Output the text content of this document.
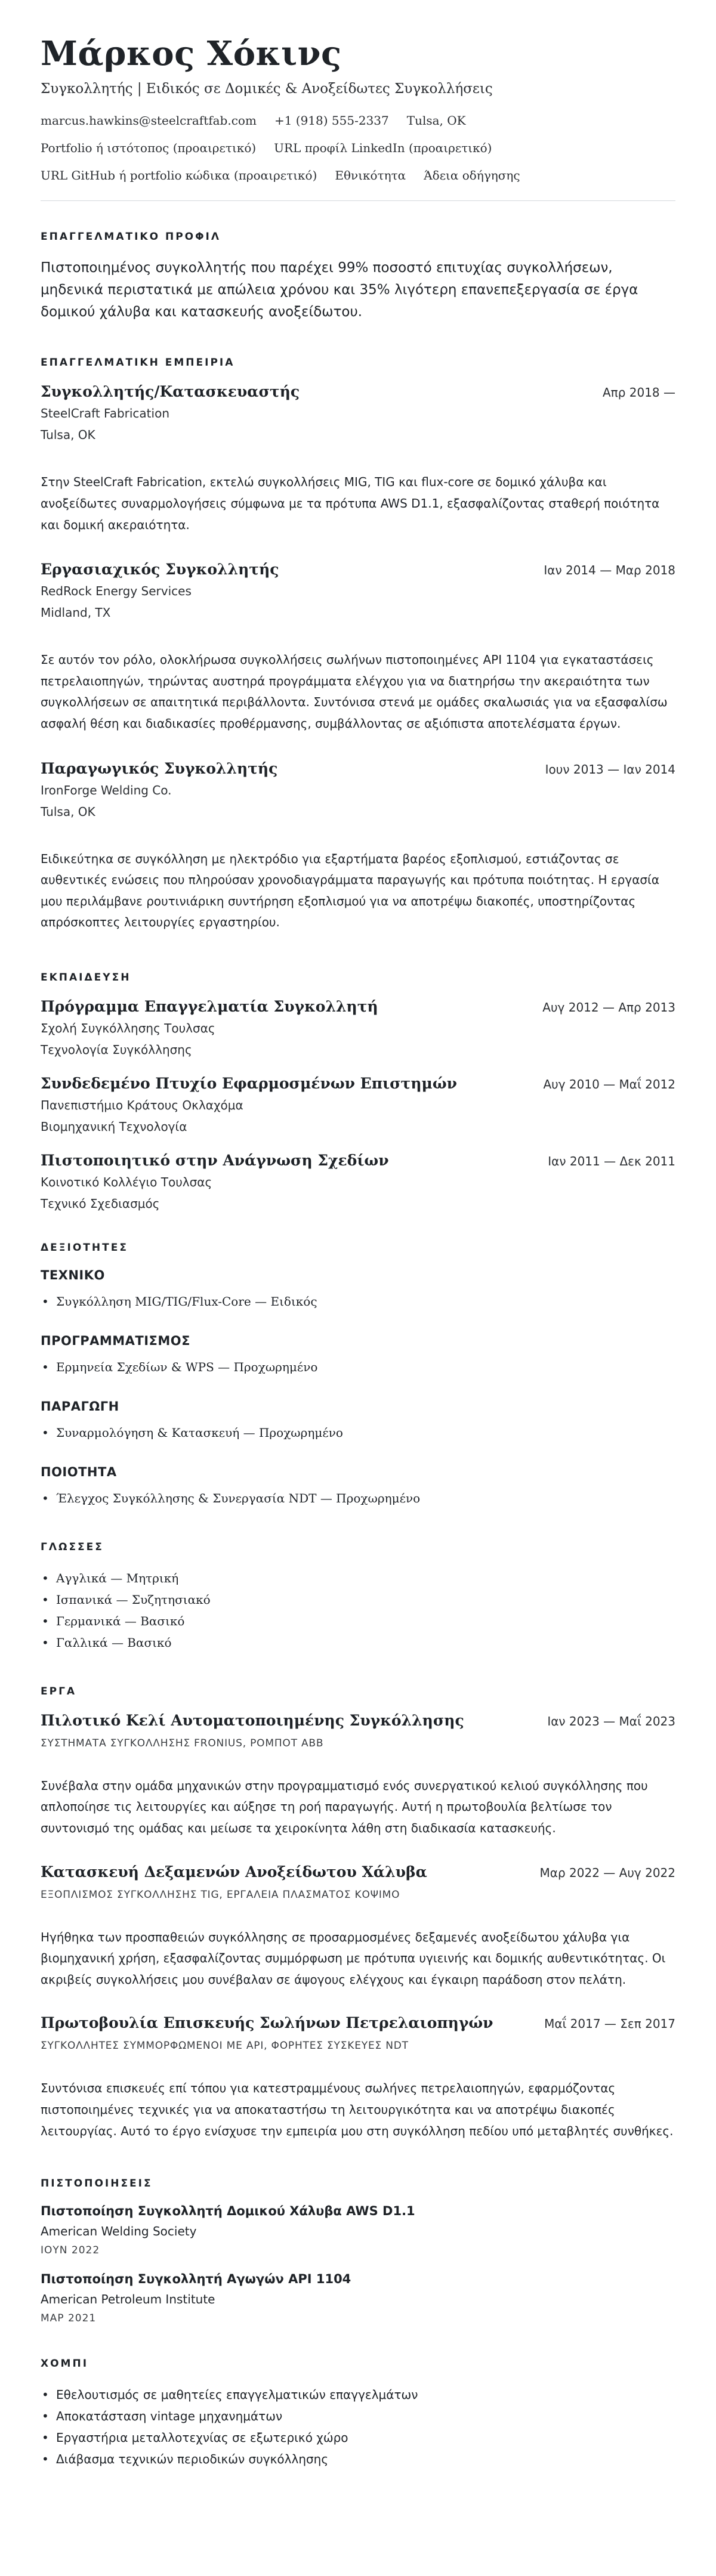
Μάρκος Χόκινς
Συγκολλητής | Ειδικός σε Δομικές & Ανοξείδωτες Συγκολλήσεις
marcus.hawkins@steelcraftfab.com +1 (918) 555-2337 Tulsa, OK
Portfolio ή ιστότοπος (προαιρετικό) URL προφίλ LinkedIn (προαιρετικό)
URL GitHub ή portfolio κώδικα (προαιρετικό) Εθνικότητα Άδεια οδήγησης
ΕΠΑΓΓΕΛΜΑΤΙΚΟ ΠΡΟΦΙΛ

Πιστοποιημένος συγκολλητής που παρέχει 99% ποσοστό επιτυχίας συγκολλήσεων, μηδενικά περιστατικά με απώλεια χρόνου και 35% λιγότερη επανεπεξεργασία σε έργα δομικού χάλυβα και κατασκευής ανοξείδωτου.

ΕΠΑΓΓΕΛΜΑΤΙΚΗ ΕΜΠΕΙΡΙΑ
Συγκολλητής/Κατασκευαστής	Απρ 2018 —
SteelCraft Fabrication
Tulsa, OK

Στην SteelCraft Fabrication, εκτελώ συγκολλήσεις MIG, TIG και flux-core σε δομικό χάλυβα και ανοξείδωτες συναρμολογήσεις σύμφωνα με τα πρότυπα AWS D1.1, εξασφαλίζοντας σταθερή ποιότητα και δομική ακεραιότητα.

Εργασιαχικός Συγκολλητής	Ιαν 2014 — Μαρ 2018
RedRock Energy Services
Midland, TX

Σε αυτόν τον ρόλο, ολοκλήρωσα συγκολλήσεις σωλήνων πιστοποιημένες API 1104 για εγκαταστάσεις πετρελαιοπηγών, τηρώντας αυστηρά προγράμματα ελέγχου για να διατηρήσω την ακεραιότητα των συγκολλήσεων σε απαιτητικά περιβάλλοντα. Συντόνισα στενά με ομάδες σκαλωσιάς για να εξασφαλίσω ασφαλή θέση και διαδικασίες προθέρμανσης, συμβάλλοντας σε αξιόπιστα αποτελέσματα έργων.

Παραγωγικός Συγκολλητής	Ιουν 2013 — Ιαν 2014
IronForge Welding Co.
Tulsa, OK

Ειδικεύτηκα σε συγκόλληση με ηλεκτρόδιο για εξαρτήματα βαρέος εξοπλισμού, εστιάζοντας σε αυθεντικές ενώσεις που πληρούσαν χρονοδιαγράμματα παραγωγής και πρότυπα ποιότητας. Η εργασία μου περιλάμβανε ρουτινιάρικη συντήρηση εξοπλισμού για να αποτρέψω διακοπές, υποστηρίζοντας απρόσκοπτες λειτουργίες εργαστηρίου.

ΕΚΠΑΙΔΕΥΣΗ
Πρόγραμμα Επαγγελματία Συγκολλητή	Αυγ 2012 — Απρ 2013
Σχολή Συγκόλλησης Τουλσας
Τεχνολογία Συγκόλλησης
Συνδεδεμένο Πτυχίο Εφαρμοσμένων Επιστημών	Αυγ 2010 — Μαΐ 2012
Πανεπιστήμιο Κράτους Οκλαχόμα
Βιομηχανική Τεχνολογία
Πιστοποιητικό στην Ανάγνωση Σχεδίων	Ιαν 2011 — Δεκ 2011
Κοινοτικό Κολλέγιο Τουλσας
Τεχνικό Σχεδιασμός
ΔΕΞΙΟΤΗΤΕΣ
ΤΕΧΝΙΚΟ
• Συγκόλληση MIG/TIG/Flux-Core — Ειδικός
ΠΡΟΓΡΑΜΜΑΤΙΣΜΟΣ
• Ερμηνεία Σχεδίων & WPS — Προχωρημένο
ΠΑΡΑΓΩΓΗ
• Συναρμολόγηση & Κατασκευή — Προχωρημένο
ΠΟΙΟΤΗΤΑ
• Έλεγχος Συγκόλλησης & Συνεργασία NDT — Προχωρημένο
ΓΛΩΣΣΕΣ
• Αγγλικά — Μητρική
• Ισπανικά — Συζητησιακό
• Γερμανικά — Βασικό
• Γαλλικά — Βασικό
ΕΡΓΑ
Πιλοτικό Κελί Αυτοματοποιημένης Συγκόλλησης	Ιαν 2023 — Μαΐ 2023
ΣΥΣΤΗΜΑΤΑ ΣΥΓΚΟΛΛΗΣΗΣ FRONIUS, ΡΟΜΠΟΤ ABB

Συνέβαλα στην ομάδα μηχανικών στην προγραμματισμό ενός συνεργατικού κελιού συγκόλλησης που απλοποίησε τις λειτουργίες και αύξησε τη ροή παραγωγής. Αυτή η πρωτοβουλία βελτίωσε τον συντονισμό της ομάδας και μείωσε τα χειροκίνητα λάθη στη διαδικασία κατασκευής.

Κατασκευή Δεξαμενών Ανοξείδωτου Χάλυβα	Μαρ 2022 — Αυγ 2022
ΕΞΟΠΛΙΣΜΟΣ ΣΥΓΚΟΛΛΗΣΗΣ TIG, ΕΡΓΑΛΕΙΑ ΠΛΑΣΜΑΤΟΣ ΚΟΨΙΜΟ

Ηγήθηκα των προσπαθειών συγκόλλησης σε προσαρμοσμένες δεξαμενές ανοξείδωτου χάλυβα για βιομηχανική χρήση, εξασφαλίζοντας συμμόρφωση με πρότυπα υγιεινής και δομικής αυθεντικότητας. Οι ακριβείς συγκολλήσεις μου συνέβαλαν σε άψογους ελέγχους και έγκαιρη παράδοση στον πελάτη.

Πρωτοβουλία Επισκευής Σωλήνων Πετρελαιοπηγών	Μαΐ 2017 — Σεπ 2017
ΣΥΓΚΟΛΛΗΤΕΣ ΣΥΜΜΟΡΦΩΜΕΝΟΙ ΜΕ API, ΦΟΡΗΤΕΣ ΣΥΣΚΕΥΕΣ NDT

Συντόνισα επισκευές επί τόπου για κατεστραμμένους σωλήνες πετρελαιοπηγών, εφαρμόζοντας πιστοποιημένες τεχνικές για να αποκαταστήσω τη λειτουργικότητα και να αποτρέψω διακοπές λειτουργίας. Αυτό το έργο ενίσχυσε την εμπειρία μου στη συγκόλληση πεδίου υπό μεταβλητές συνθήκες.

ΠΙΣΤΟΠΟΙΗΣΕΙΣ
Πιστοποίηση Συγκολλητή Δομικού Χάλυβα AWS D1.1
American Welding Society
ΙΟΥΝ 2022
Πιστοποίηση Συγκολλητή Αγωγών API 1104
American Petroleum Institute
ΜΑΡ 2021
ΧΟΜΠΙ
• Εθελουτισμός σε μαθητείες επαγγελματικών επαγγελμάτων
• Αποκατάσταση vintage μηχανημάτων
• Εργαστήρια μεταλλοτεχνίας σε εξωτερικό χώρο
• Διάβασμα τεχνικών περιοδικών συγκόλλησης
